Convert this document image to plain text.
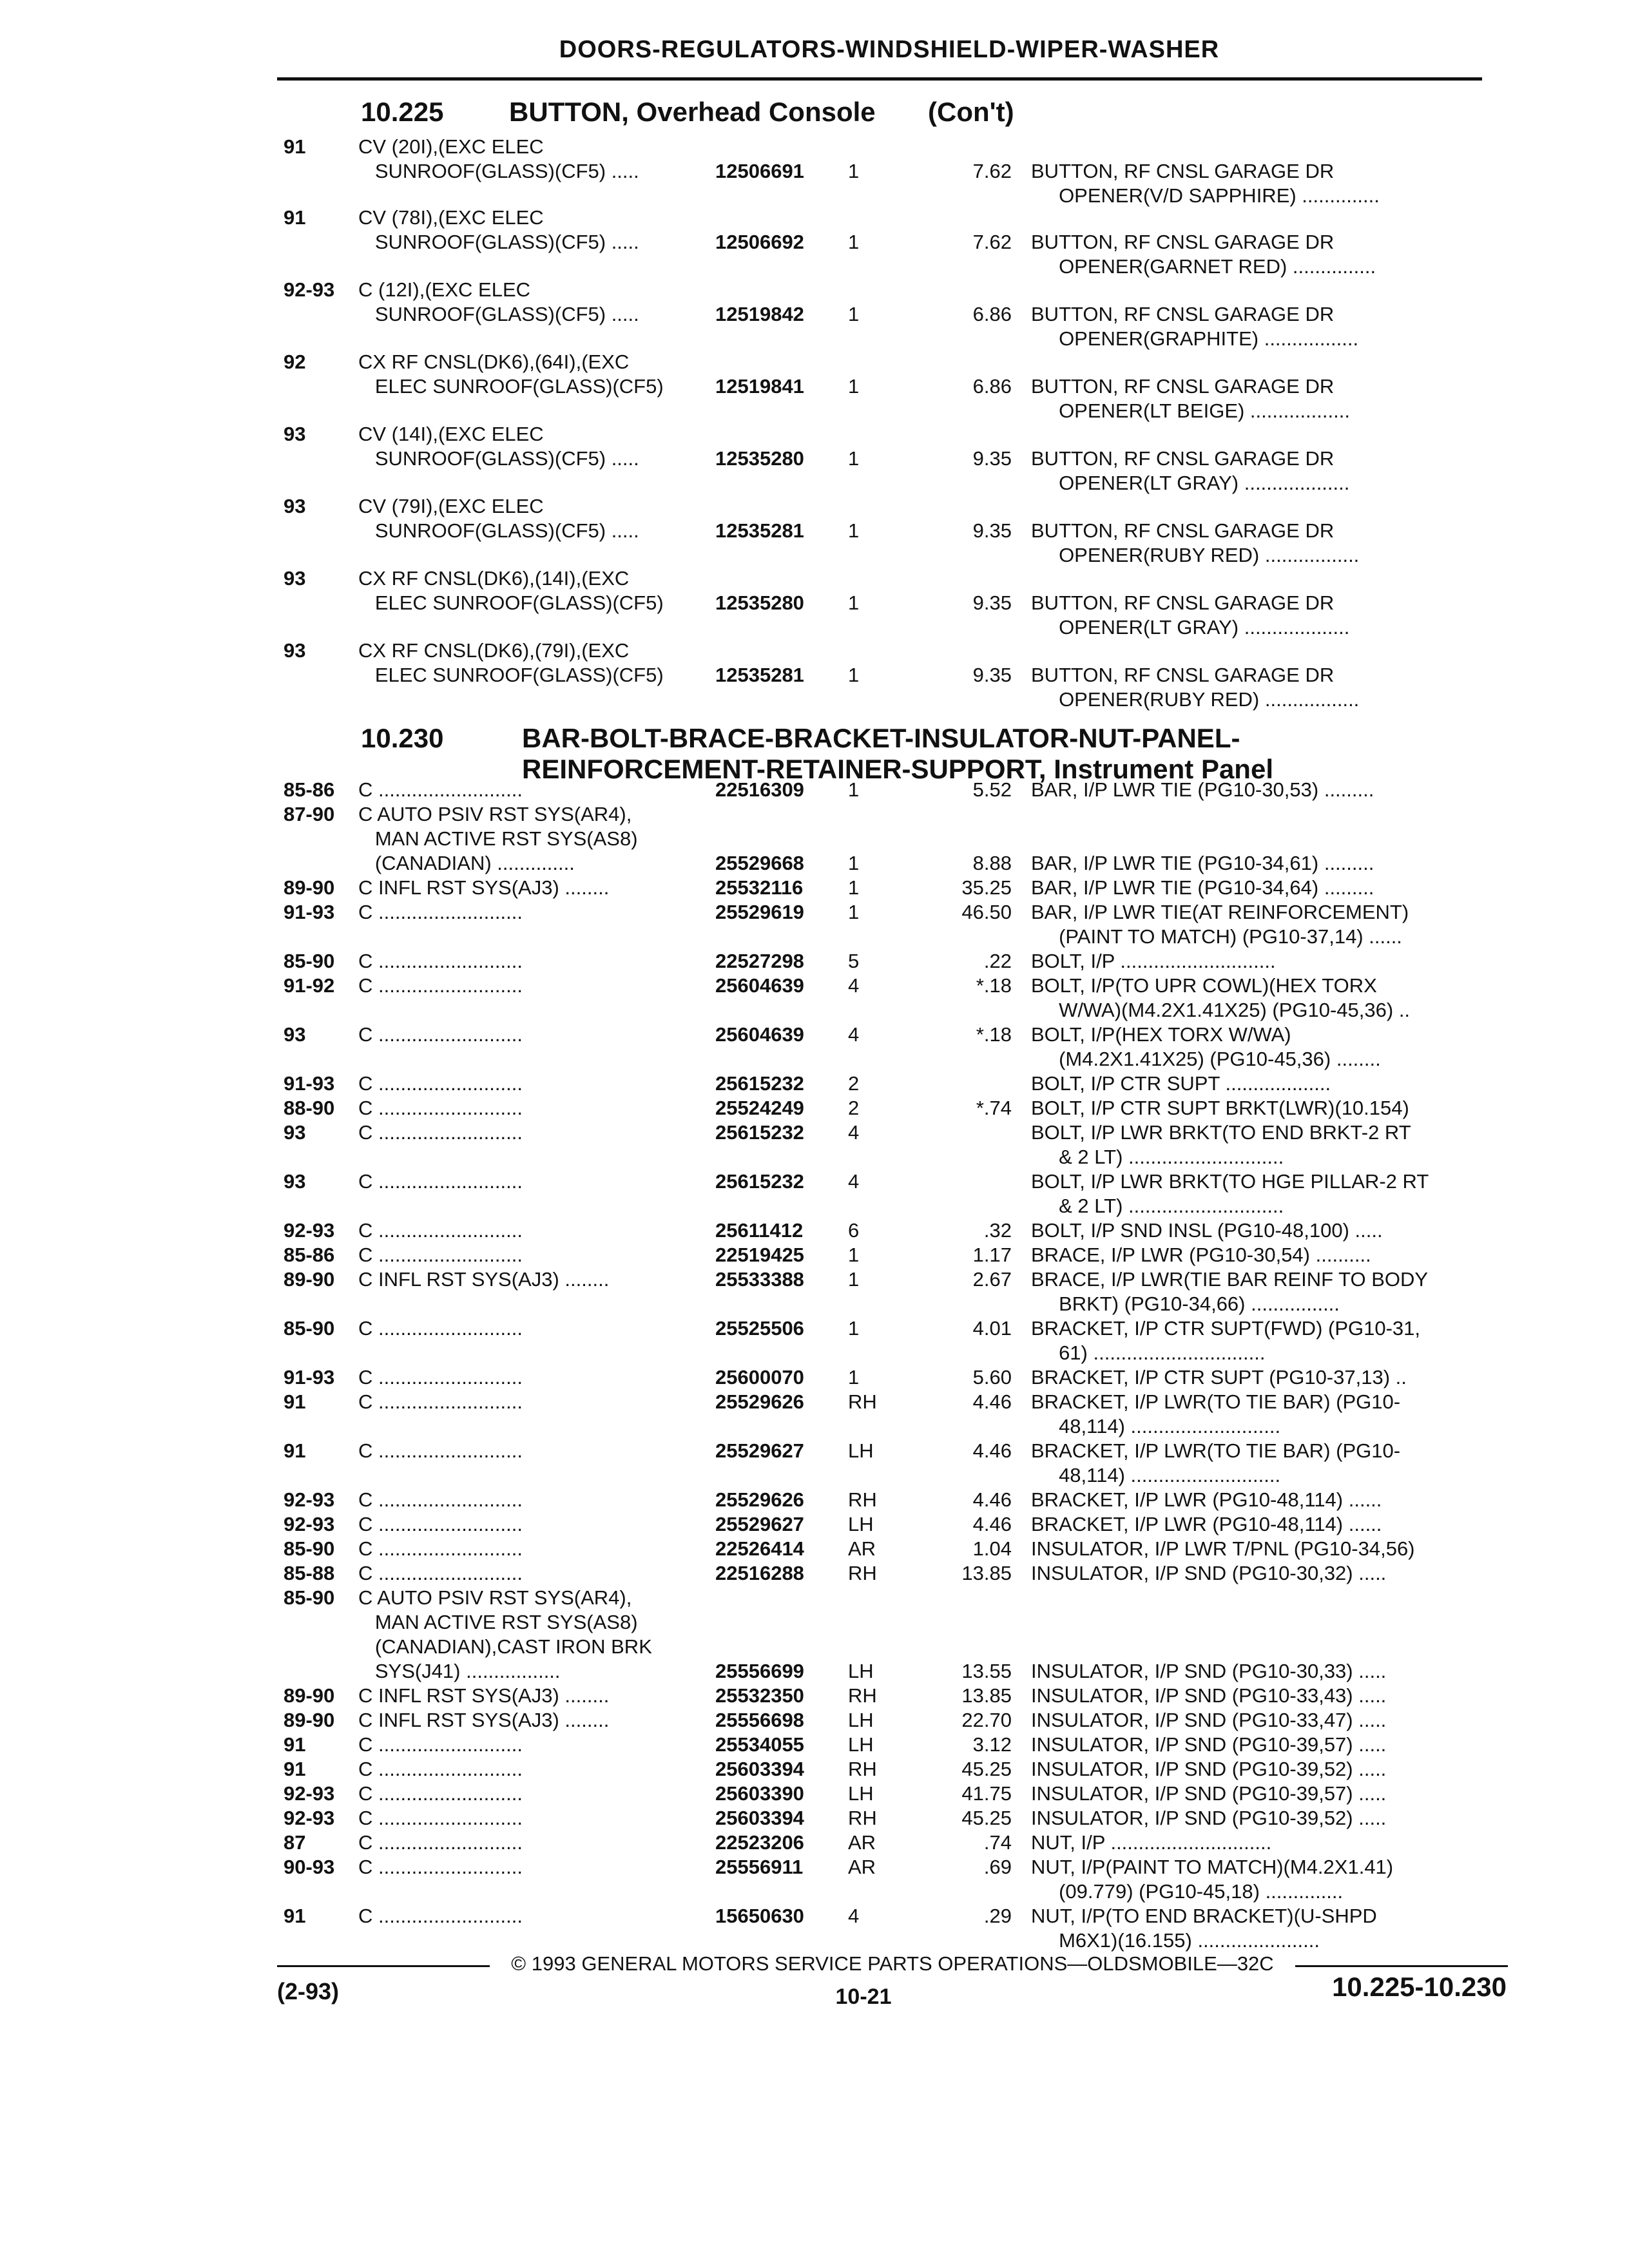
DOORS-REGULATORS-WINDSHIELD-WIPER-WASHER
10.225 BUTTON, Overhead Console (Con't)
10.230	BAR-BOLT-BRACE-BRACKET-INSULATOR-NUT-PANEL-
REINFORCEMENT-RETAINER-SUPPORT, Instrument Panel
91	CV (20I),(EXC ELEC
SUNROOF(GLASS)(CF5) .....	12506691 1	7.62 BUTTON, RF CNSL GARAGE DR
OPENER(V/D SAPPHIRE) ..............
91	CV (78I),(EXC ELEC
SUNROOF(GLASS)(CF5) .....	12506692 1	7.62 BUTTON, RF CNSL GARAGE DR
OPENER(GARNET RED) ...............
92-93 C (12I),(EXC ELEC
SUNROOF(GLASS)(CF5) .....	12519842 1	6.86 BUTTON, RF CNSL GARAGE DR
OPENER(GRAPHITE) .................
92	CX RF CNSL(DK6),(64I),(EXC
ELEC SUNROOF(GLASS)(CF5)	12519841 1	6.86 BUTTON, RF CNSL GARAGE DR
OPENER(LT BEIGE) ..................
93	CV (14I),(EXC ELEC
SUNROOF(GLASS)(CF5) .....	12535280 1	9.35 BUTTON, RF CNSL GARAGE DR
OPENER(LT GRAY) ...................
93	CV (79I),(EXC ELEC
SUNROOF(GLASS)(CF5) .....	12535281 1	9.35 BUTTON, RF CNSL GARAGE DR
OPENER(RUBY RED) .................
93	CX RF CNSL(DK6),(14I),(EXC
ELEC SUNROOF(GLASS)(CF5)	12535280 1	9.35 BUTTON, RF CNSL GARAGE DR
OPENER(LT GRAY) ...................
93	CX RF CNSL(DK6),(79I),(EXC
ELEC SUNROOF(GLASS)(CF5)	12535281 1	9.35 BUTTON, RF CNSL GARAGE DR
OPENER(RUBY RED) .................
85-86 C ..........................	22516309 1	5.52 BAR, I/P LWR TIE (PG10-30,53) .........
87-90 C AUTO PSIV RST SYS(AR4),
MAN ACTIVE RST SYS(AS8)
(CANADIAN) ..............	25529668 1	8.88 BAR, I/P LWR TIE (PG10-34,61) .........
89-90 C INFL RST SYS(AJ3) ........	25532116 1	35.25 BAR, I/P LWR TIE (PG10-34,64) .........
91-93 C ..........................	25529619 1	46.50 BAR, I/P LWR TIE(AT REINFORCEMENT)
(PAINT TO MATCH) (PG10-37,14) ......
85-90 C ..........................	22527298 5	.22 BOLT, I/P ............................
91-92 C ..........................	25604639 4	*.18 BOLT, I/P(TO UPR COWL)(HEX TORX
W/WA)(M4.2X1.41X25) (PG10-45,36) ..
93	C ..........................	25604639 4	*.18 BOLT, I/P(HEX TORX W/WA)
(M4.2X1.41X25) (PG10-45,36) ........
91-93 C ..........................	25615232 2	BOLT, I/P CTR SUPT ...................
88-90 C ..........................	25524249 2	*.74 BOLT, I/P CTR SUPT BRKT(LWR)(10.154)
93	C ..........................	25615232 4	BOLT, I/P LWR BRKT(TO END BRKT-2 RT
& 2 LT) ............................
93	C ..........................	25615232 4	BOLT, I/P LWR BRKT(TO HGE PILLAR-2 RT
& 2 LT) ............................
92-93 C ..........................	25611412 6	.32 BOLT, I/P SND INSL (PG10-48,100) .....
85-86 C ..........................	22519425 1	1.17 BRACE, I/P LWR (PG10-30,54) ..........
89-90 C INFL RST SYS(AJ3) ........	25533388 1	2.67 BRACE, I/P LWR(TIE BAR REINF TO BODY
BRKT) (PG10-34,66) ................
85-90 C ..........................	25525506 1	4.01 BRACKET, I/P CTR SUPT(FWD) (PG10-31,
61) ...............................
91-93 C ..........................	25600070 1	5.60 BRACKET, I/P CTR SUPT (PG10-37,13) ..
91	C ..........................	25529626 RH	4.46 BRACKET, I/P LWR(TO TIE BAR) (PG10-
48,114) ...........................
91	C ..........................	25529627 LH	4.46 BRACKET, I/P LWR(TO TIE BAR) (PG10-
48,114) ...........................
92-93 C ..........................	25529626 RH	4.46 BRACKET, I/P LWR (PG10-48,114) ......
92-93 C ..........................	25529627 LH	4.46 BRACKET, I/P LWR (PG10-48,114) ......
85-90 C ..........................	22526414 AR	1.04 INSULATOR, I/P LWR T/PNL (PG10-34,56)
85-88 C ..........................	22516288 RH	13.85 INSULATOR, I/P SND (PG10-30,32) .....
85-90 C AUTO PSIV RST SYS(AR4),
MAN ACTIVE RST SYS(AS8)
(CANADIAN),CAST IRON BRK
SYS(J41) .................	25556699 LH	13.55 INSULATOR, I/P SND (PG10-30,33) .....
89-90 C INFL RST SYS(AJ3) ........	25532350 RH	13.85 INSULATOR, I/P SND (PG10-33,43) .....
89-90 C INFL RST SYS(AJ3) ........	25556698 LH	22.70 INSULATOR, I/P SND (PG10-33,47) .....
91	C ..........................	25534055 LH	3.12 INSULATOR, I/P SND (PG10-39,57) .....
91	C ..........................	25603394 RH	45.25 INSULATOR, I/P SND (PG10-39,52) .....
92-93 C ..........................	25603390 LH	41.75 INSULATOR, I/P SND (PG10-39,57) .....
92-93 C ..........................	25603394 RH	45.25 INSULATOR, I/P SND (PG10-39,52) .....
87	C ..........................	22523206 AR	.74 NUT, I/P .............................
90-93 C ..........................	25556911 AR	.69 NUT, I/P(PAINT TO MATCH)(M4.2X1.41)
(09.779) (PG10-45,18) ..............
91	C ..........................	15650630 4	.29 NUT, I/P(TO END BRACKET)(U-SHPD
M6X1)(16.155) ......................
© 1993 GENERAL MOTORS SERVICE PARTS OPERATIONS—OLDSMOBILE—32C
(2-93)	10-21	10.225-10.230
